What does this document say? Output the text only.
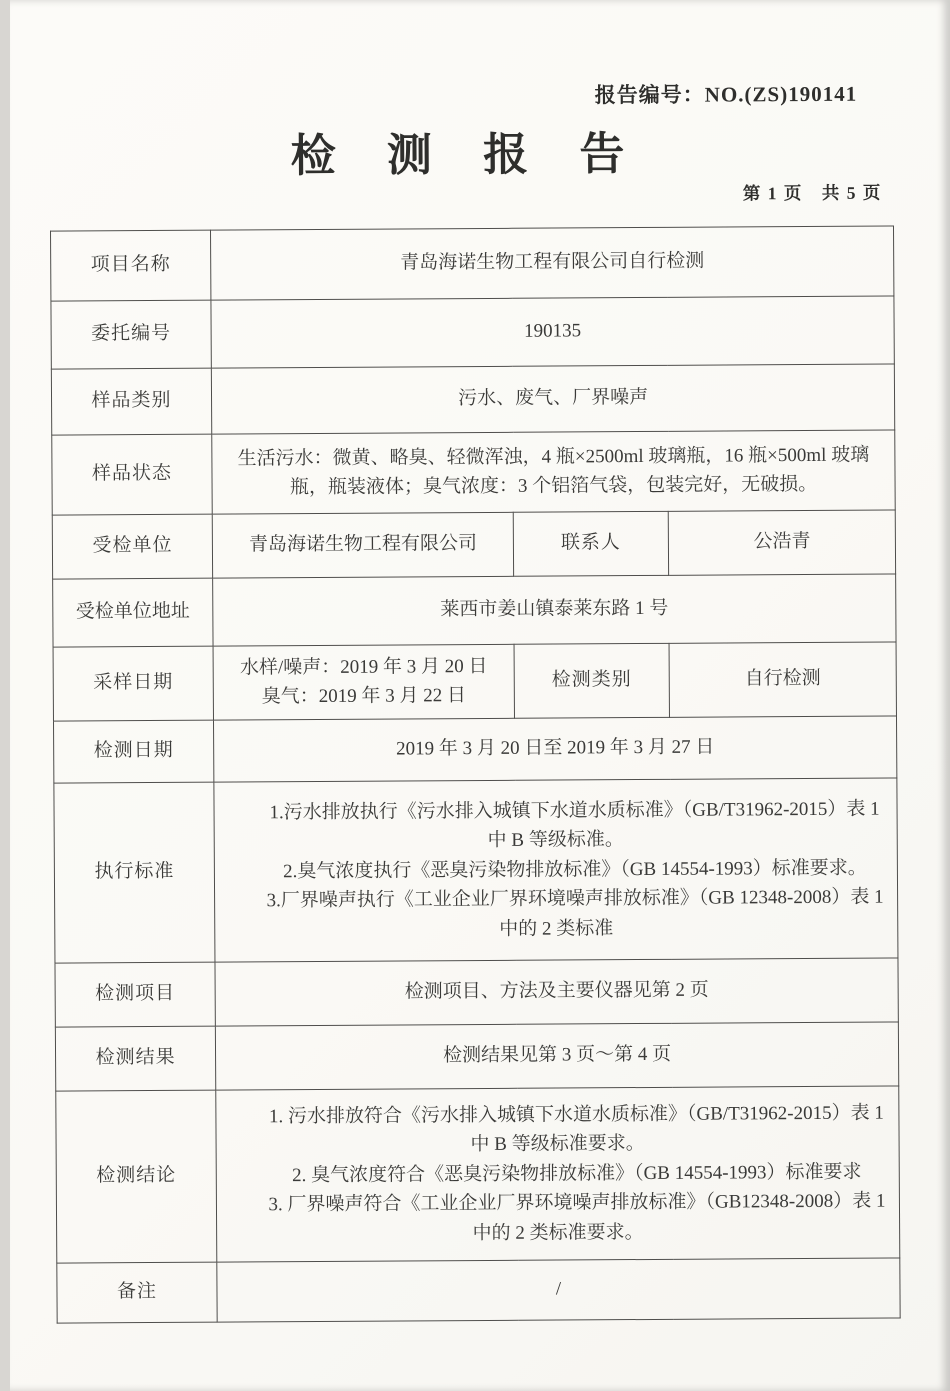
报告编号：NO.(ZS)190141
检 测 报 告
第 1 页　共 5 页
项目名称	青岛海诺生物工程有限公司自行检测		
委托编号	190135		
样品类别	污水、废气、厂界噪声		
样品状态	生活污水：微黄、略臭、轻微浑浊，4 瓶×2500ml 玻璃瓶，16 瓶×500ml 玻璃瓶，瓶装液体；臭气浓度：3 个铝箔气袋，包装完好，无破损。		
受检单位	青岛海诺生物工程有限公司	联系人	公浩青
受检单位地址	莱西市姜山镇泰莱东路 1 号		
采样日期	水样/噪声：2019 年 3 月 20 日
臭气：2019 年 3 月 22 日	检测类别	自行检测
检测日期	2019 年 3 月 20 日至 2019 年 3 月 27 日		
执行标准	1.污水排放执行《污水排入城镇下水道水质标准》（GB/T31962-2015）表 1 中 B 等级标准。

2.臭气浓度执行《恶臭污染物排放标准》（GB 14554-1993）标准要求。

3.厂界噪声执行《工业企业厂界环境噪声排放标准》（GB 12348-2008）表 1 中的 2 类标准		

检测项目	检测项目、方法及主要仪器见第 2 页		
检测结果	检测结果见第 3 页～第 4 页		
检测结论	1. 污水排放符合《污水排入城镇下水道水质标准》（GB/T31962-2015）表 1 中 B 等级标准要求。

2. 臭气浓度符合《恶臭污染物排放标准》（GB 14554-1993）标准要求

3. 厂界噪声符合《工业企业厂界环境噪声排放标准》（GB12348-2008）表 1 中的 2 类标准要求。		

备注	/		
